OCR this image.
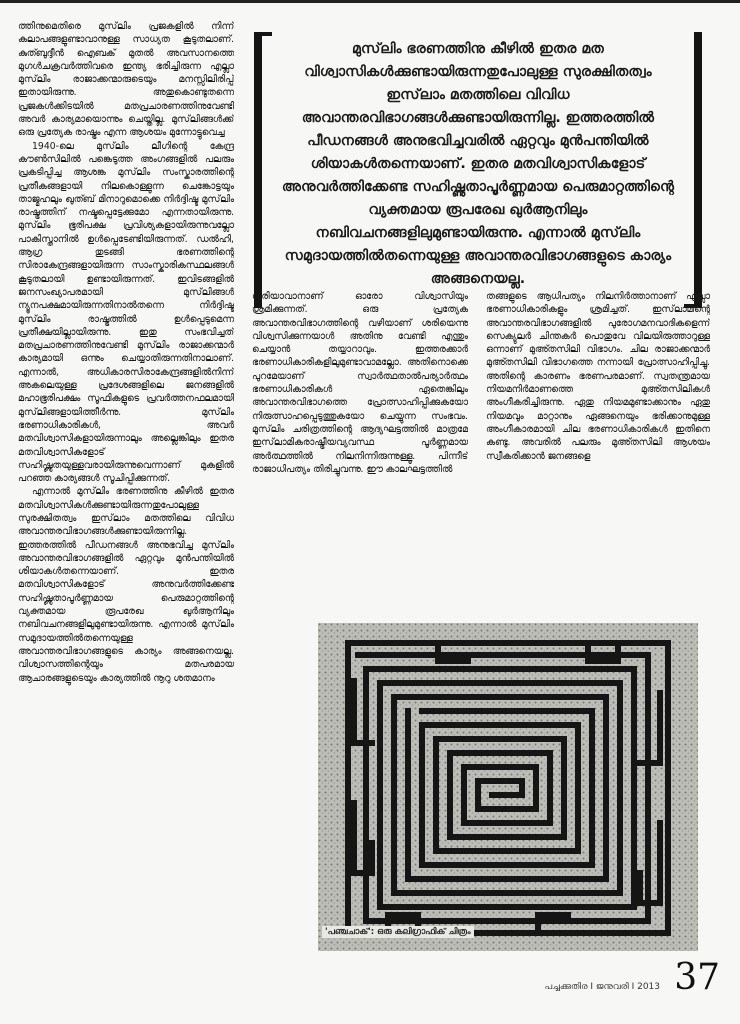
ത്തിനുമെതിരെ മുസ്‌ലിം പ്രജകളിൽ നിന്ന് കലാപങ്ങളുണ്ടാവാനുള്ള സാധ്യത കൂടുതലാണ്. കുത്ബുദ്ദീൻ ഐബക് മുതൽ അവസാനത്തെ മുഗൾചക്രവർത്തിവരെ ഇന്ത്യ ഭരിച്ചിരുന്ന എല്ലാ മുസ്‌ലിം രാജാക്കന്മാരുടെയും മനസ്സിലിരിപ്പ് ഇതായിരുന്നു. അതുകൊണ്ടുതന്നെ പ്രജകൾക്കിടയിൽ മതപ്രചാരണത്തിനുവേണ്ടി അവർ കാര്യമായൊന്നും ചെയ്തില്ല. മുസ്‌ലിങ്ങൾക്ക് ഒരു പ്രത്യേക രാഷ്ട്രം എന്ന ആശയം മുന്നോട്ടുവെച്ച

1940-ലെ മുസ്‌ലിം ലീഗിന്റെ കേന്ദ്ര കൗൺസിലിൽ പങ്കെടുത്ത അംഗങ്ങളിൽ പലരും പ്രകടിപ്പിച്ച ആശങ്ക മുസ്‌ലിം സംസ്കാരത്തിന്റെ പ്രതീകങ്ങളായി നിലകൊള്ളുന്ന ചെങ്കോട്ടയും താജ്മഹലും ഖുത്ബ് മിനാറുമൊക്കെ നിർദ്ദിഷ്ട മുസ്‌ലിം രാഷ്ട്രത്തിന് നഷ്ടപ്പെട്ടേക്കുമോ എന്നതായിരുന്നു. മുസ്‌ലിം ഭൂരിപക്ഷ പ്രവിശ്യകളായിരുന്നുവല്ലോ പാകിസ്താനിൽ ഉൾപ്പെടേണ്ടിയിരുന്നത്. ഡൽഹി, ആഗ്ര തുടങ്ങി ഭരണത്തിന്റെ സിരാകേന്ദ്രങ്ങളായിരുന്ന സാംസ്കാരികസ്ഥലങ്ങൾ കൂടുതലായി ഉണ്ടായിരുന്നത്. ഇവിടങ്ങളിൽ ജനസംഖ്യാപരമായി മുസ്‌ലിങ്ങൾ ന്യൂനപക്ഷമായിരുന്നതിനാൽതന്നെ നിർദ്ദിഷ്ട മുസ്‌ലിം രാഷ്ട്രത്തിൽ ഉൾപ്പെടുമെന്ന പ്രതീക്ഷയില്ലായിരുന്നു. ഇതു സംഭവിച്ചത് മതപ്രചാരണത്തിനുവേണ്ടി മുസ്‌ലിം രാജാക്കന്മാർ കാര്യമായി ഒന്നും ചെയ്യാതിരുന്നതിനാലാണ്. എന്നാൽ, അധികാരസിരാകേന്ദ്രങ്ങളിൽനിന്ന് അകലെയുള്ള പ്രദേശങ്ങളിലെ ജനങ്ങളിൽ മഹാഭൂരിപക്ഷം സൂഫികളുടെ പ്രവർത്തനഫലമായി മുസ്‌ലിങ്ങളായിത്തീർന്നു. മുസ്‌ലിം ഭരണാധികാരികൾ, അവർ മതവിശ്വാസികളായിരുന്നാലും അല്ലെങ്കിലും ഇതര മതവിശ്വാസികളോട് സഹിഷ്ണുതയുള്ളവരായിരുന്നുവെന്നാണ് മുകളിൽ പറഞ്ഞ കാര്യങ്ങൾ സൂചിപ്പിക്കുന്നത്.

എന്നാൽ മുസ്‌ലിം ഭരണത്തിനു കീഴിൽ ഇതര മതവിശ്വാസികൾക്കുണ്ടായിരുന്നതുപോലുള്ള സുരക്ഷിതത്വം ഇസ്‌ലാം മതത്തിലെ വിവിധ അവാന്തരവിഭാഗങ്ങൾക്കുണ്ടായിരുന്നില്ല. ഇത്തരത്തിൽ പീഡനങ്ങൾ അനുഭവിച്ച മുസ്‌ലിം അവാന്തരവിഭാഗങ്ങളിൽ ഏറ്റവും മുൻപന്തിയിൽ ശിയാകൾതന്നെയാണ്. ഇതര മതവിശ്വാസികളോട് അനുവർത്തിക്കേണ്ട സഹിഷ്ണുതാപൂർണ്ണമായ പെരുമാറ്റത്തിന്റെ വ്യക്തമായ രൂപരേഖ ഖുർആനിലും നബിവചനങ്ങളിലുമുണ്ടായിരുന്നു. എന്നാൽ മുസ്‌ലിം സമുദായത്തിൽതന്നെയുള്ള അവാന്തരവിഭാഗങ്ങളുടെ കാര്യം അങ്ങനെയല്ല. വിശ്വാസത്തിന്റെയും മതപരമായ ആചാരങ്ങളുടെയും കാര്യത്തിൽ നൂറു ശതമാനം

മുസ്‌ലിം ഭരണത്തിനു കീഴിൽ ഇതര മത വിശ്വാസികൾക്കുണ്ടായിരുന്നതുപോലുള്ള സുരക്ഷിതത്വം ഇസ്‌ലാം മതത്തിലെ വിവിധ അവാന്തരവിഭാഗങ്ങൾക്കുണ്ടായിരുന്നില്ല. ഇത്തരത്തിൽ പീഡനങ്ങൾ അനുഭവിച്ചവരിൽ ഏറ്റവും മുൻപന്തിയിൽ ശിയാകൾതന്നെയാണ്. ഇതര മതവിശ്വാസികളോട് അനുവർത്തിക്കേണ്ട സഹിഷ്ണുതാപൂർണ്ണമായ പെരുമാറ്റത്തിന്റെ വ്യക്തമായ രൂപരേഖ ഖുർആനിലും നബിവചനങ്ങളിലുമുണ്ടായിരുന്നു. എന്നാൽ മുസ്‌ലിം സമുദായത്തിൽതന്നെയുള്ള അവാന്തരവിഭാഗങ്ങളുടെ കാര്യം അങ്ങനെയല്ല.

ശരിയാവാനാണ് ഓരോ വിശ്വാസിയും ശ്രമിക്കുന്നത്. ഒരു പ്രത്യേക അവാന്തരവിഭാഗത്തിന്റെ വഴിയാണ് ശരിയെന്നു വിശ്വസിക്കുന്നയാൾ അതിനു വേണ്ടി എന്തും ചെയ്യാൻ തയ്യാറാവും. ഇത്തരക്കാർ ഭരണാധികാരികളിലുമുണ്ടാവാമല്ലോ. അതിനൊക്കെ പുറമേയാണ് സ്വാർത്ഥതാൽപര്യാർത്ഥം ഭരണാധികാരികൾ ഏതെങ്കിലും അവാന്തരവിഭാഗത്തെ പ്രോത്സാഹിപ്പിക്കുകയോ നിരുത്സാഹപ്പെടുത്തുകയോ ചെയ്യുന്ന സംഭവം. മുസ്‌ലിം ചരിത്രത്തിന്റെ ആദ്യഘട്ടത്തിൽ മാത്രമേ ഇസ്‌ലാമികരാഷ്ട്രീയവ്യവസ്ഥ പൂർണ്ണമായ അർത്ഥത്തിൽ നിലനിന്നിരുന്നുള്ളൂ. പിന്നീട് രാജാധിപത്യം തിരിച്ചുവന്നു. ഈ കാലഘട്ടത്തിൽ

തങ്ങളുടെ ആധിപത്യം നിലനിർത്താനാണ് എല്ലാ ഭരണാധികാരികളും ശ്രമിച്ചത്. ഇസ്‌ലാമിന്റെ അവാന്തരവിഭാഗങ്ങളിൽ പുരോഗമനവാദികളെന്ന് സെക്യുലർ ചിന്തകർ പൊതുവേ വിലയിരുത്താറുള്ള ഒന്നാണ് മുഅ്തസിലി വിഭാഗം. ചില രാജാക്കന്മാർ മുഅ്തസിലി വിഭാഗത്തെ നന്നായി പ്രോത്സാഹിപ്പിച്ചു. അതിന്റെ കാരണം ഭരണപരമാണ്. സ്വതന്ത്രമായ നിയമനിർമാണത്തെ മുഅ്തസിലികൾ അംഗീകരിച്ചിരുന്നു. ഏതു നിയമമുണ്ടാക്കാനും ഏതു നിയമവും മാറ്റാനും ഏങ്ങനെയും ഭരിക്കാനുമുള്ള അംഗീകാരമായി ചില ഭരണാധികാരികൾ ഇതിനെ കണ്ടു. അവരിൽ പലരും മുഅ്തസിലി ആശയം സ്വീകരിക്കാൻ ജനങ്ങളെ

'പഞ്ചചാക്': ഒരു കലിഗ്രാഫിക് ചിത്രം
പച്ചക്കുതിര I ജനുവരി I 2013 37
